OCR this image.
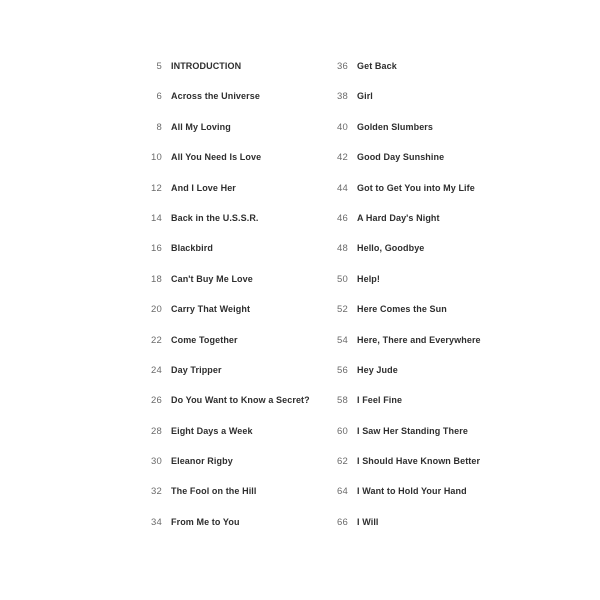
5 INTRODUCTION
6 Across the Universe
8 All My Loving
10 All You Need Is Love
12 And I Love Her
14 Back in the U.S.S.R.
16 Blackbird
18 Can't Buy Me Love
20 Carry That Weight
22 Come Together
24 Day Tripper
26 Do You Want to Know a Secret?
28 Eight Days a Week
30 Eleanor Rigby
32 The Fool on the Hill
34 From Me to You
36 Get Back
38 Girl
40 Golden Slumbers
42 Good Day Sunshine
44 Got to Get You into My Life
46 A Hard Day's Night
48 Hello, Goodbye
50 Help!
52 Here Comes the Sun
54 Here, There and Everywhere
56 Hey Jude
58 I Feel Fine
60 I Saw Her Standing There
62 I Should Have Known Better
64 I Want to Hold Your Hand
66 I Will
